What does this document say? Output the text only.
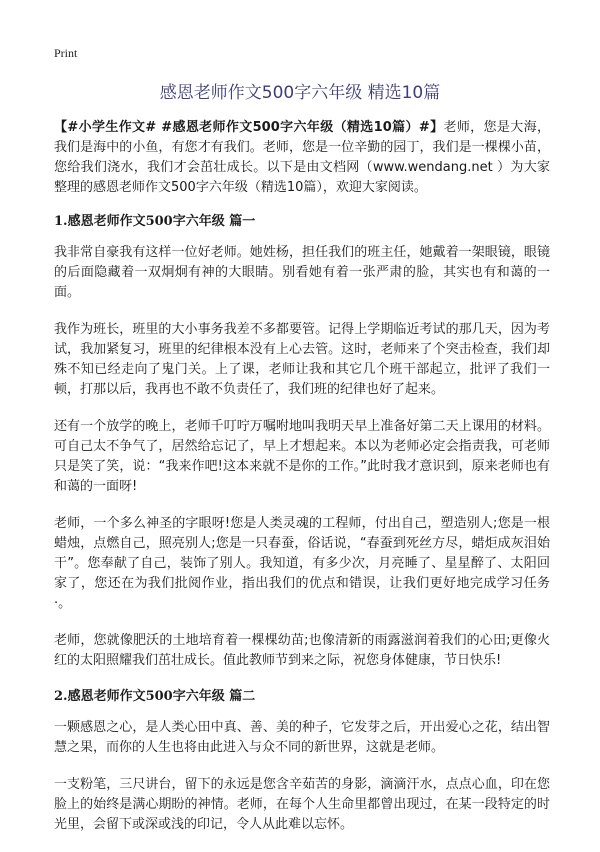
Print
感恩老师作文500字六年级 精选10篇

【#小学生作文# #感恩老师作文500字六年级（精选10篇）#】老师，您是大海，我们是海中的小鱼，有您才有我们。老师，您是一位辛勤的园丁，我们是一棵棵小苗，您给我们浇水，我们才会茁壮成长。以下是由文档网（www.wendang.net ）为大家整理的感恩老师作文500字六年级（精选10篇），欢迎大家阅读。

1.感恩老师作文500字六年级 篇一

我非常自豪我有这样一位好老师。她姓杨，担任我们的班主任，她戴着一架眼镜，眼镜的后面隐藏着一双炯炯有神的大眼睛。别看她有着一张严肃的脸，其实也有和蔼的一面。

我作为班长，班里的大小事务我差不多都要管。记得上学期临近考试的那几天，因为考试，我加紧复习，班里的纪律根本没有上心去管。这时，老师来了个突击检查，我们却殊不知已经走向了鬼门关。上了课，老师让我和其它几个班干部起立，批评了我们一顿，打那以后，我再也不敢不负责任了，我们班的纪律也好了起来。

还有一个放学的晚上，老师千叮咛万嘱咐地叫我明天早上准备好第二天上课用的材料。可自己太不争气了，居然给忘记了，早上才想起来。本以为老师必定会指责我，可老师只是笑了笑，说：“我来作吧!这本来就不是你的工作。”此时我才意识到，原来老师也有和蔼的一面呀!

老师，一个多么神圣的字眼呀!您是人类灵魂的工程师，付出自己，塑造别人;您是一根蜡烛，点燃自己，照亮别人;您是一只春蚕，俗话说，“春蚕到死丝方尽，蜡炬成灰泪始干”。您奉献了自己，装饰了别人。我知道，有多少次，月亮睡了、星星醉了、太阳回家了，您还在为我们批阅作业，指出我们的优点和错误，让我们更好地完成学习任务·。

老师，您就像肥沃的土地培育着一棵棵幼苗;也像清新的雨露滋润着我们的心田;更像火红的太阳照耀我们茁壮成长。值此教师节到来之际，祝您身体健康，节日快乐!

2.感恩老师作文500字六年级 篇二

一颗感恩之心，是人类心田中真、善、美的种子，它发芽之后，开出爱心之花，结出智慧之果，而你的人生也将由此进入与众不同的新世界，这就是老师。

一支粉笔，三尺讲台，留下的永远是您含辛茹苦的身影，滴滴汗水，点点心血，印在您脸上的始终是满心期盼的神情。老师，在每个人生命里都曾出现过，在某一段特定的时光里，会留下或深或浅的印记，令人从此难以忘怀。
